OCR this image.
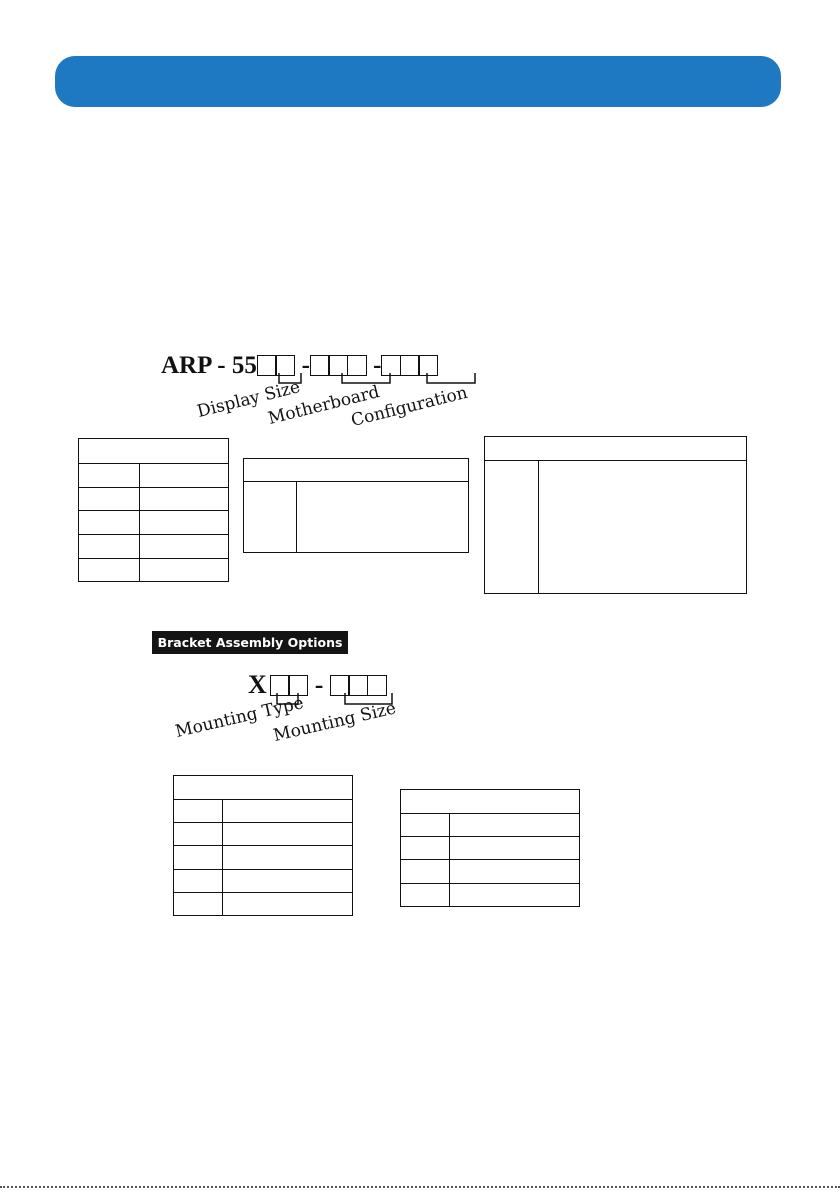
ARP - 55 -	-
Display Size
Motherboard
Configuration
Bracket Assembly Options
X -
Mounting Type
Mounting Size
